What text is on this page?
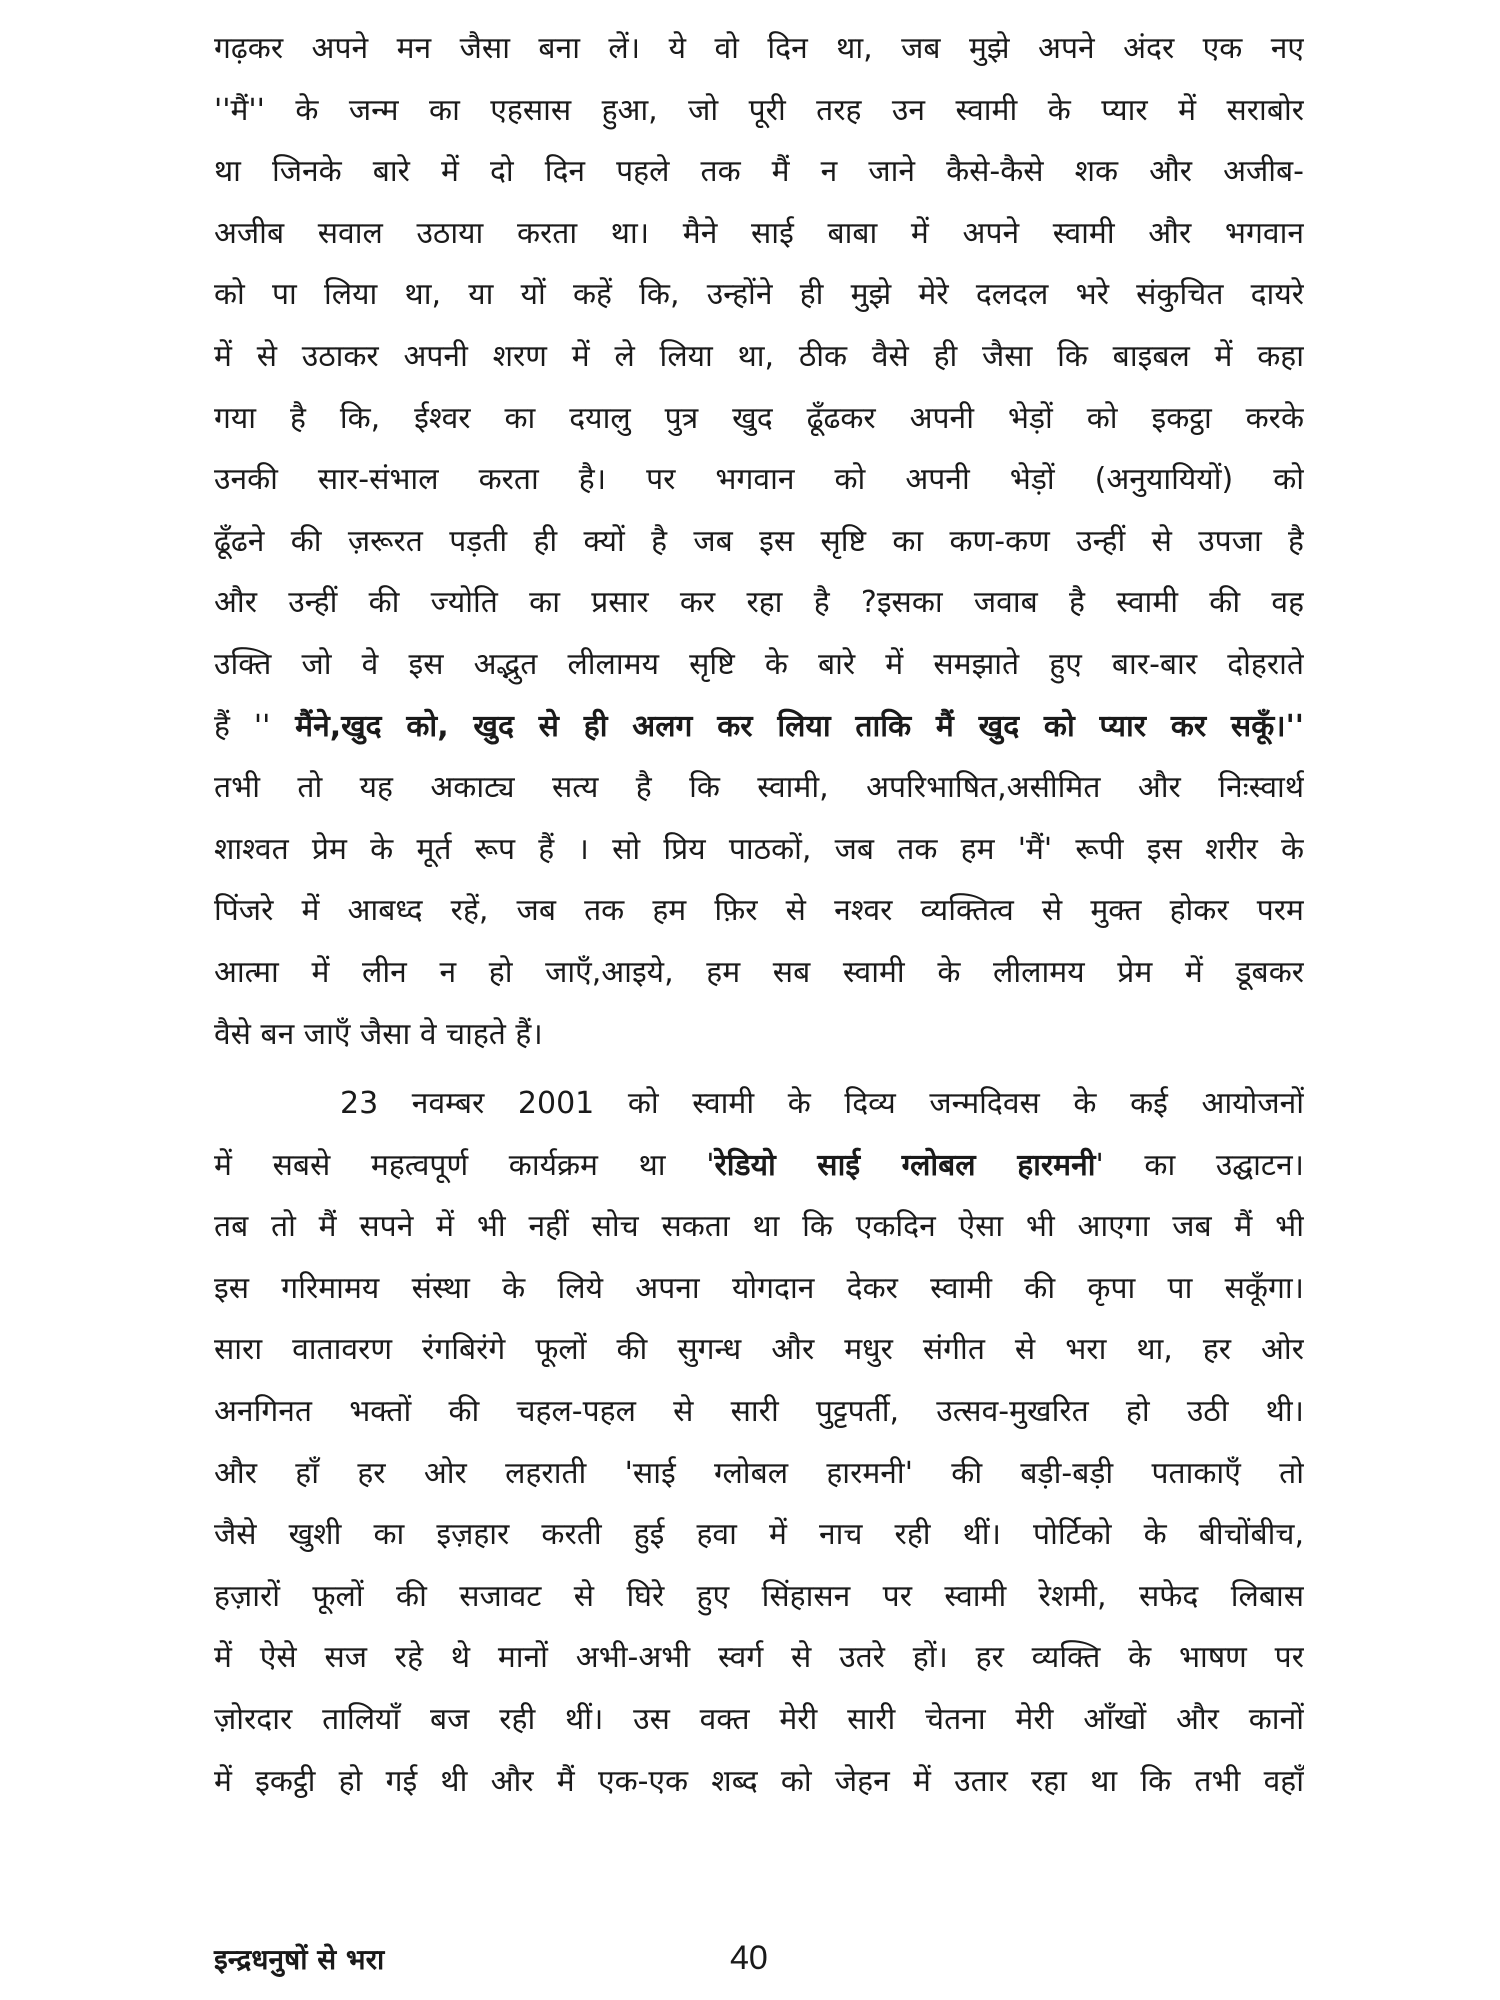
गढ़कर अपने मन जैसा बना लें। ये वो दिन था, जब मुझे अपने अंदर एक नए
''मैं'' के जन्म का एहसास हुआ, जो पूरी तरह उन स्वामी के प्यार में सराबोर
था जिनके बारे में दो दिन पहले तक मैं न जाने कैसे-कैसे शक और अजीब-
अजीब सवाल उठाया करता था। मैने साई बाबा में अपने स्वामी और भगवान
को पा लिया था, या यों कहें कि, उन्होंने ही मुझे मेरे दलदल भरे संकुचित दायरे
में से उठाकर अपनी शरण में ले लिया था, ठीक वैसे ही जैसा कि बाइबल में कहा
गया है कि, ईश्वर का दयालु पुत्र खुद ढूँढकर अपनी भेड़ों को इकट्ठा करके
उनकी सार-संभाल करता है। पर भगवान को अपनी भेड़ों (अनुयायियों) को
ढूँढने की ज़रूरत पड़ती ही क्यों है जब इस सृष्टि का कण-कण उन्हीं से उपजा है
और उन्हीं की ज्योति का प्रसार कर रहा है ?इसका जवाब है स्वामी की वह
उक्ति जो वे इस अद्भुत लीलामय सृष्टि के बारे में समझाते हुए बार-बार दोहराते
हैं '' मैंने,खुद को, खुद से ही अलग कर लिया ताकि मैं खुद को प्यार कर सकूँ।''
तभी तो यह अकाट्य सत्य है कि स्वामी, अपरिभाषित,असीमित और निःस्वार्थ
शाश्वत प्रेम के मूर्त रूप हैं । सो प्रिय पाठकों, जब तक हम 'मैं' रूपी इस शरीर के
पिंजरे में आबध्द रहें, जब तक हम फ़िर से नश्वर व्यक्तित्व से मुक्त होकर परम
आत्मा में लीन न हो जाएँ,आइये, हम सब स्वामी के लीलामय प्रेम में डूबकर
वैसे बन जाएँ जैसा वे चाहते हैं।
23 नवम्बर 2001 को स्वामी के दिव्य जन्मदिवस के कई आयोजनों
में सबसे महत्वपूर्ण कार्यक्रम था 'रेडियो साई ग्लोबल हारमनी' का उद्घाटन।
तब तो मैं सपने में भी नहीं सोच सकता था कि एकदिन ऐसा भी आएगा जब मैं भी
इस गरिमामय संस्था के लिये अपना योगदान देकर स्वामी की कृपा पा सकूँगा।
सारा वातावरण रंगबिरंगे फूलों की सुगन्ध और मधुर संगीत से भरा था, हर ओर
अनगिनत भक्तों की चहल-पहल से सारी पुट्टपर्ती, उत्सव-मुखरित हो उठी थी।
और हाँ हर ओर लहराती 'साई ग्लोबल हारमनी' की बड़ी-बड़ी पताकाएँ तो
जैसे खुशी का इज़हार करती हुई हवा में नाच रही थीं। पोर्टिको के बीचोंबीच,
हज़ारों फूलों की सजावट से घिरे हुए सिंहासन पर स्वामी रेशमी, सफेद लिबास
में ऐसे सज रहे थे मानों अभी-अभी स्वर्ग से उतरे हों। हर व्यक्ति के भाषण पर
ज़ोरदार तालियाँ बज रही थीं। उस वक्त मेरी सारी चेतना मेरी आँखों और कानों
में इकट्ठी हो गई थी और मैं एक-एक शब्द को जेहन में उतार रहा था कि तभी वहाँ
इन्द्रधनुषों से भरा	40
